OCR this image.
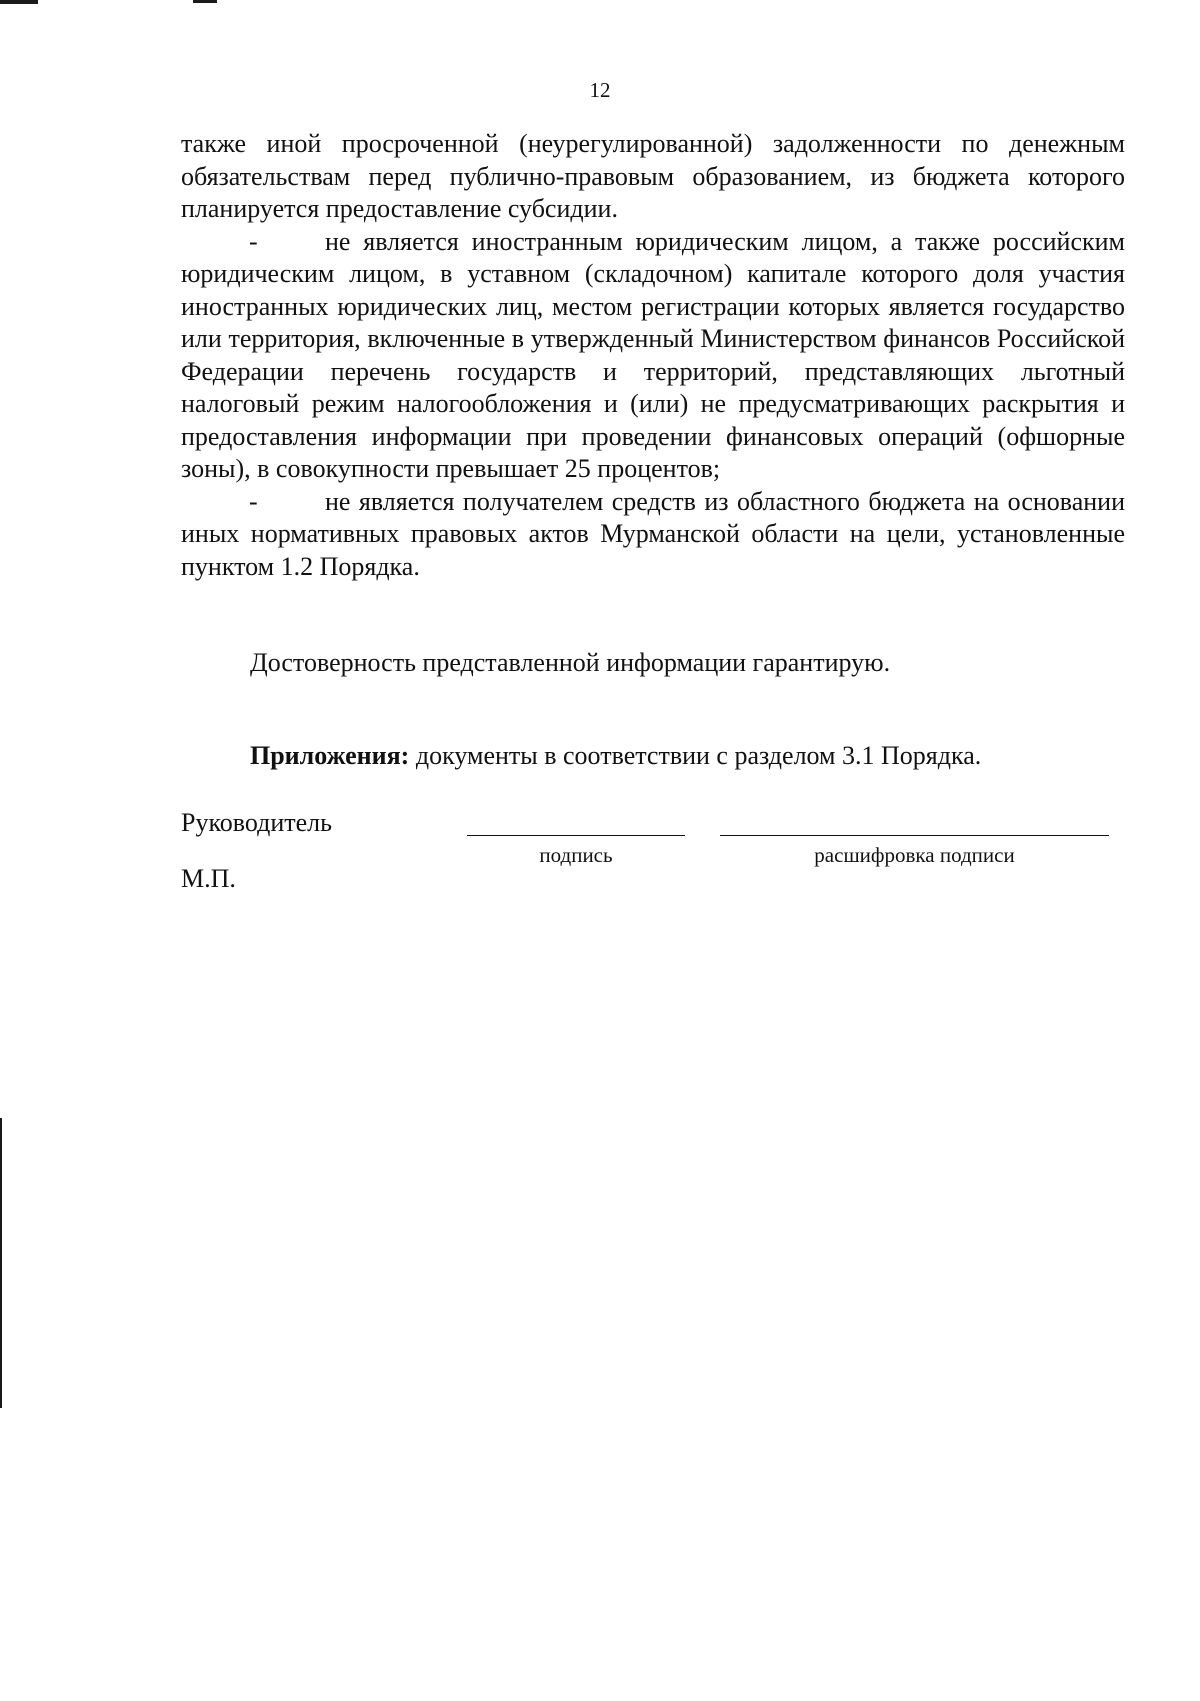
12

также иной просроченной (неурегулированной) задолженности по денежным обязательствам перед публично-правовым образованием, из бюджета которого планируется предоставление субсидии.

-	не является иностранным юридическим лицом, а также российским юридическим лицом, в уставном (складочном) капитале которого доля участия иностранных юридических лиц, местом регистрации которых является государство или территория, включенные в утвержденный Министерством финансов Российской Федерации перечень государств и территорий, представляющих льготный налоговый режим налогообложения и (или) не предусматривающих раскрытия и предоставления информации при проведении финансовых операций (офшорные зоны), в совокупности превышает 25 процентов;

-	не является получателем средств из областного бюджета на основании иных нормативных правовых актов Мурманской области на цели, установленные пунктом 1.2 Порядка.

Достоверность представленной информации гарантирую.
Приложения: документы в соответствии с разделом 3.1 Порядка.
Руководитель
подпись	расшифровка подписи
М.П.
